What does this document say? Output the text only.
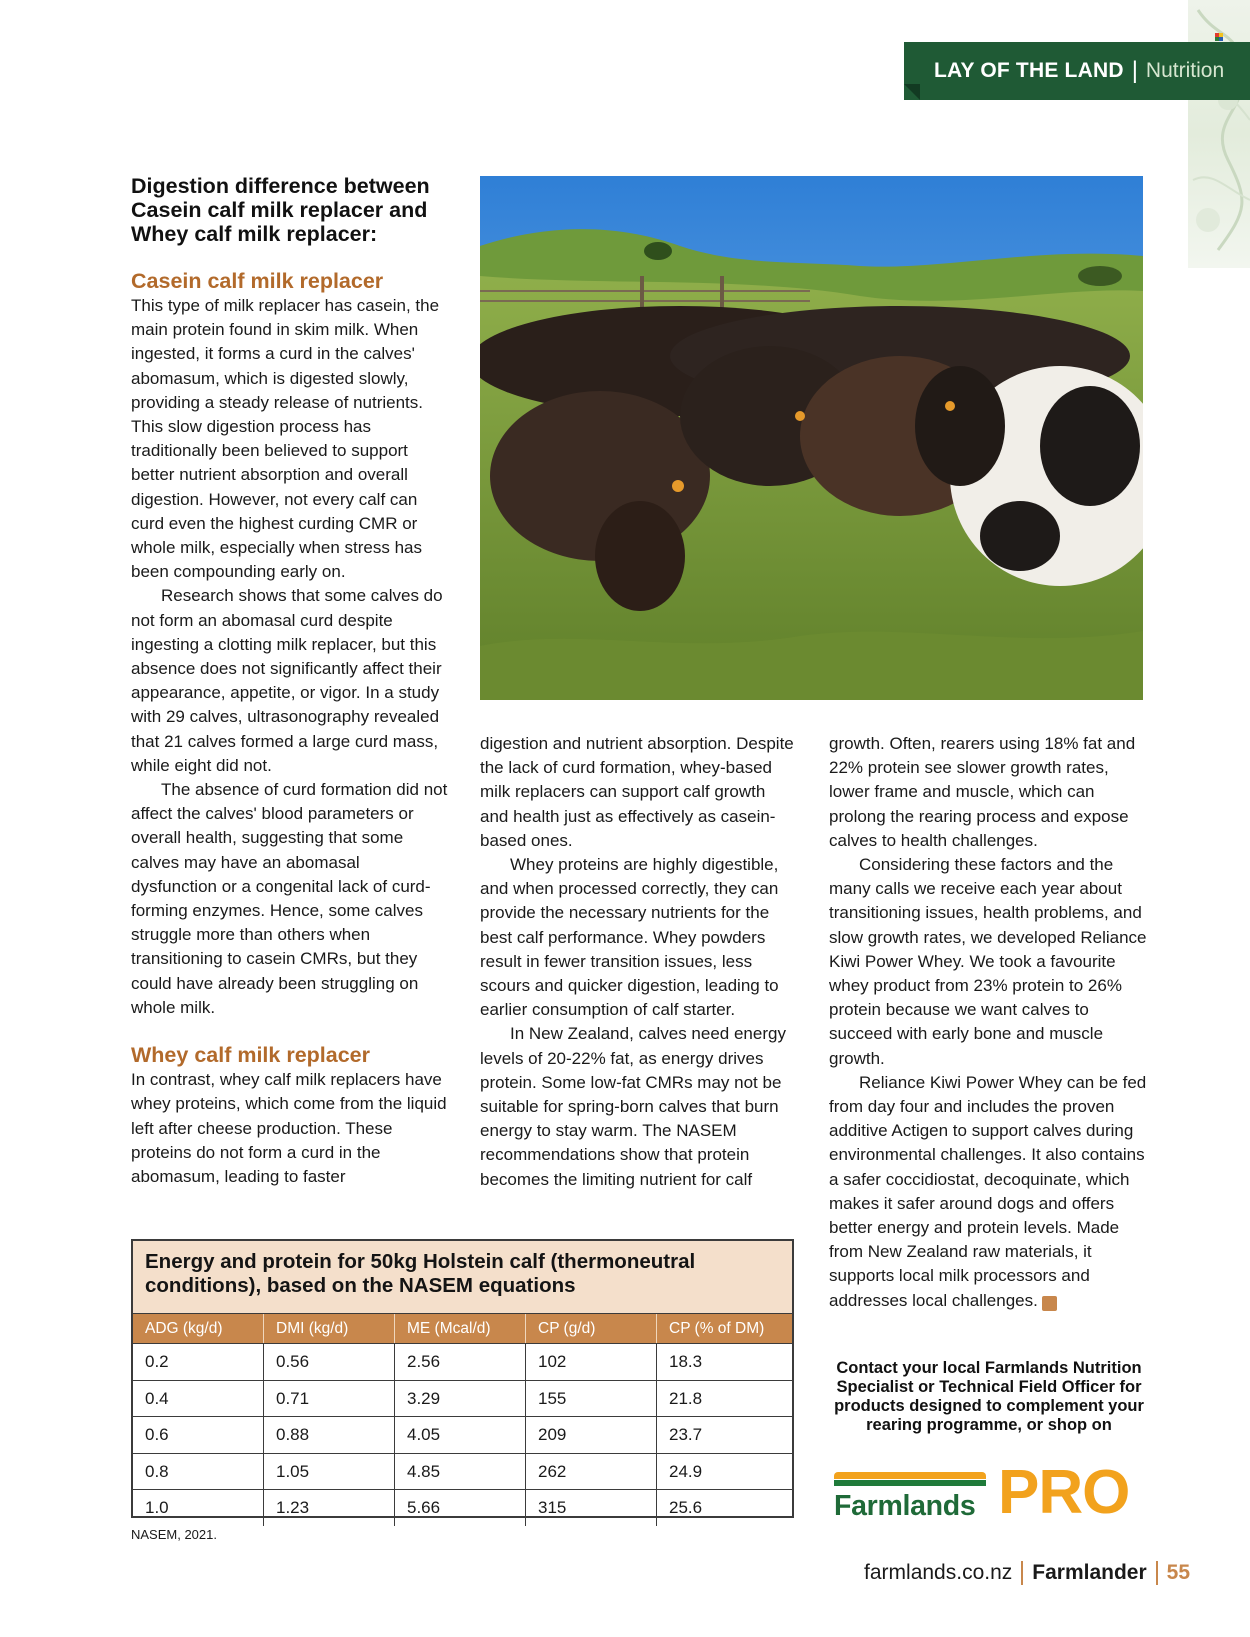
LAY OF THE LAND | Nutrition
Digestion difference between Casein calf milk replacer and Whey calf milk replacer:
Casein calf milk replacer

This type of milk replacer has casein, the main protein found in skim milk. When ingested, it forms a curd in the calves' abomasum, which is digested slowly, providing a steady release of nutrients. This slow digestion process has traditionally been believed to support better nutrient absorption and overall digestion. However, not every calf can curd even the highest curding CMR or whole milk, especially when stress has been compounding early on.

Research shows that some calves do not form an abomasal curd despite ingesting a clotting milk replacer, but this absence does not significantly affect their appearance, appetite, or vigor. In a study with 29 calves, ultrasonography revealed that 21 calves formed a large curd mass, while eight did not.

The absence of curd formation did not affect the calves' blood parameters or overall health, suggesting that some calves may have an abomasal dysfunction or a congenital lack of curd-forming enzymes. Hence, some calves struggle more than others when transitioning to casein CMRs, but they could have already been struggling on whole milk.

Whey calf milk replacer

In contrast, whey calf milk replacers have whey proteins, which come from the liquid left after cheese production. These proteins do not form a curd in the abomasum, leading to faster

digestion and nutrient absorption. Despite the lack of curd formation, whey-based milk replacers can support calf growth and health just as effectively as casein-based ones.

Whey proteins are highly digestible, and when processed correctly, they can provide the necessary nutrients for the best calf performance. Whey powders result in fewer transition issues, less scours and quicker digestion, leading to earlier consumption of calf starter.

In New Zealand, calves need energy levels of 20-22% fat, as energy drives protein. Some low-fat CMRs may not be suitable for spring-born calves that burn energy to stay warm. The NASEM recommendations show that protein becomes the limiting nutrient for calf

growth. Often, rearers using 18% fat and 22% protein see slower growth rates, lower frame and muscle, which can prolong the rearing process and expose calves to health challenges.

Considering these factors and the many calls we receive each year about transitioning issues, health problems, and slow growth rates, we developed Reliance Kiwi Power Whey. We took a favourite whey product from 23% protein to 26% protein because we want calves to succeed with early bone and muscle growth.

Reliance Kiwi Power Whey can be fed from day four and includes the proven additive Actigen to support calves during environmental challenges. It also contains a safer coccidiostat, decoquinate, which makes it safer around dogs and offers better energy and protein levels. Made from New Zealand raw materials, it supports local milk processors and addresses local challenges.	F

Energy and protein for 50kg Holstein calf (thermoneutral conditions), based on the NASEM equations
ADG (kg/d)	DMI (kg/d)	ME (Mcal/d)	CP (g/d)	CP (% of DM)
0.2	0.56	2.56	102	18.3
0.4	0.71	3.29	155	21.8
0.6	0.88	4.05	209	23.7
0.8	1.05	4.85	262	24.9
1.0	1.23	5.66	315	25.6
NASEM, 2021.
Contact your local Farmlands Nutrition Specialist or Technical Field Officer for products designed to complement your rearing programme, or shop on
Farmlands PRO
farmlands.co.nz Farmlander 55
